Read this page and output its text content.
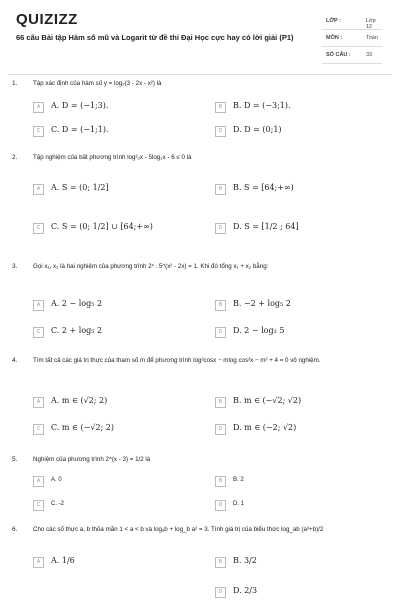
QUIZIZZ
66 câu Bài tập Hàm số mũ và Logarit từ đề thi Đại Học cực hay có lời giải (P1)
LỚP :	Lớp 12
MÔN :	Toán
SỐ CÂU :	33
1.	Tập xác định của hàm số y = log₂(3 - 2x - x²) là
A	A. D = (−1;3).	B	B. D = (−3;1).
C	C. D = (−1;1).	D	D. D = (0;1)
2.	Tập nghiệm của bất phương trình log²₂x - 5log₂x - 6 ≤ 0 là
A	A. S = (0; 1/2]	B	B. S = [64;+∞)
C	C. S = (0; 1/2] ∪ [64;+∞)	D	D. S = [1/2 ; 64]
3.	Gọi x₁, x₂ là hai nghiệm của phương trình 2ˣ . 5^(x² - 2x) = 1. Khi đó tổng x₁ + x₂ bằng:
A	A. 2 − log₅ 2	B	B. −2 + log₅ 2
C	C. 2 + log₅ 2	D	D. 2 − log₂ 5
4.	Tìm tất cả các giá trị thực của tham số m để phương trình log²cosx − mlog cos²x − m² + 4 = 0 vô nghiệm.
A	A. m ∈ (√2; 2)	B	B. m ∈ (−√2; √2)
C	C. m ∈ (−√2; 2)	D	D. m ∈ (−2; √2)
5.	Nghiệm của phương trình 2^(x - 3) = 1/2 là
A	A. 0	B	B. 2
C	C. -2	D	D. 1
6.	Cho các số thực a, b thỏa mãn 1 < a < b và logₐb + log_b a² = 3. Tính giá trị của biểu thức log_ab (a²+b)/2
A	A. 1/6	B	B. 3/2
D	D. 2/3
